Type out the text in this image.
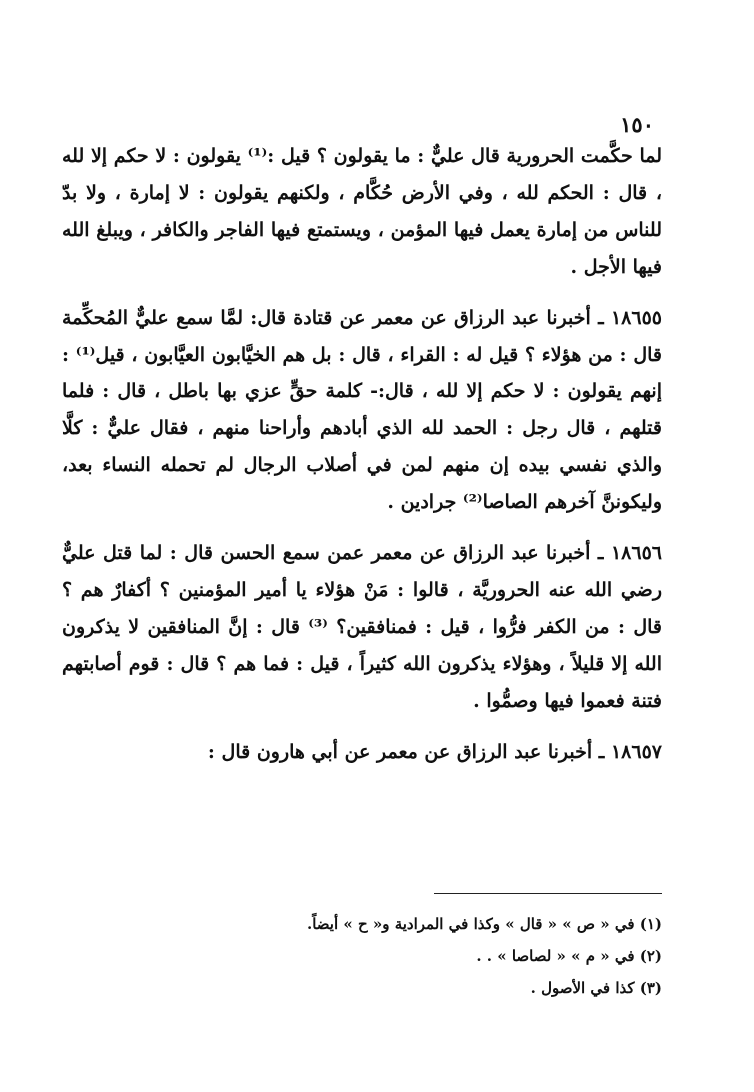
١٥٠

لما حكَّمت الحرورية قال عليٌّ : ما يقولون ؟ قيل :⁽¹⁾ يقولون : لا حكم إلا لله ، قال : الحكم لله ، وفي الأرض حُكَّام ، ولكنهم يقولون : لا إمارة ، ولا بدّ للناس من إمارة يعمل فيها المؤمن ، ويستمتع فيها الفاجر والكافر ، ويبلغ الله فيها الأجل .

١٨٦٥٥ ـ أخبرنا عبد الرزاق عن معمر عن قتادة قال: لمَّا سمع عليٌّ المُحكِّمة قال : من هؤلاء ؟ قيل له : القراء ، قال : بل هم الخيَّابون العيَّابون ، قيل⁽¹⁾ : إنهم يقولون : لا حكم إلا لله ، قال:- كلمة حقٍّ عزي بها باطل ، قال : فلما قتلهم ، قال رجل : الحمد لله الذي أبادهم وأراحنا منهم ، فقال عليٌّ : كلَّا والذي نفسي بيده إن منهم لمن في أصلاب الرجال لم تحمله النساء بعد، وليكوننَّ آخرهم الصاصا⁽²⁾ جرادين .

١٨٦٥٦ ـ أخبرنا عبد الرزاق عن معمر عمن سمع الحسن قال : لما قتل عليٌّ رضي الله عنه الحروريَّة ، قالوا : مَنْ هؤلاء يا أمير المؤمنين ؟ أكفارٌ هم ؟ قال : من الكفر فرُّوا ، قيل : فمنافقين؟ ⁽³⁾ قال : إنَّ المنافقين لا يذكرون الله إلا قليلاً ، وهؤلاء يذكرون الله كثيراً ، قيل : فما هم ؟ قال : قوم أصابتهم فتنة فعموا فيها وصمُّوا .

١٨٦٥٧ ـ أخبرنا عبد الرزاق عن معمر عن أبي هارون قال :

(١) في « ص » « قال » وكذا في المرادية و« ح » أيضاً.
(٢) في « م » « لصاصا » . .
(٣) كذا في الأصول .
